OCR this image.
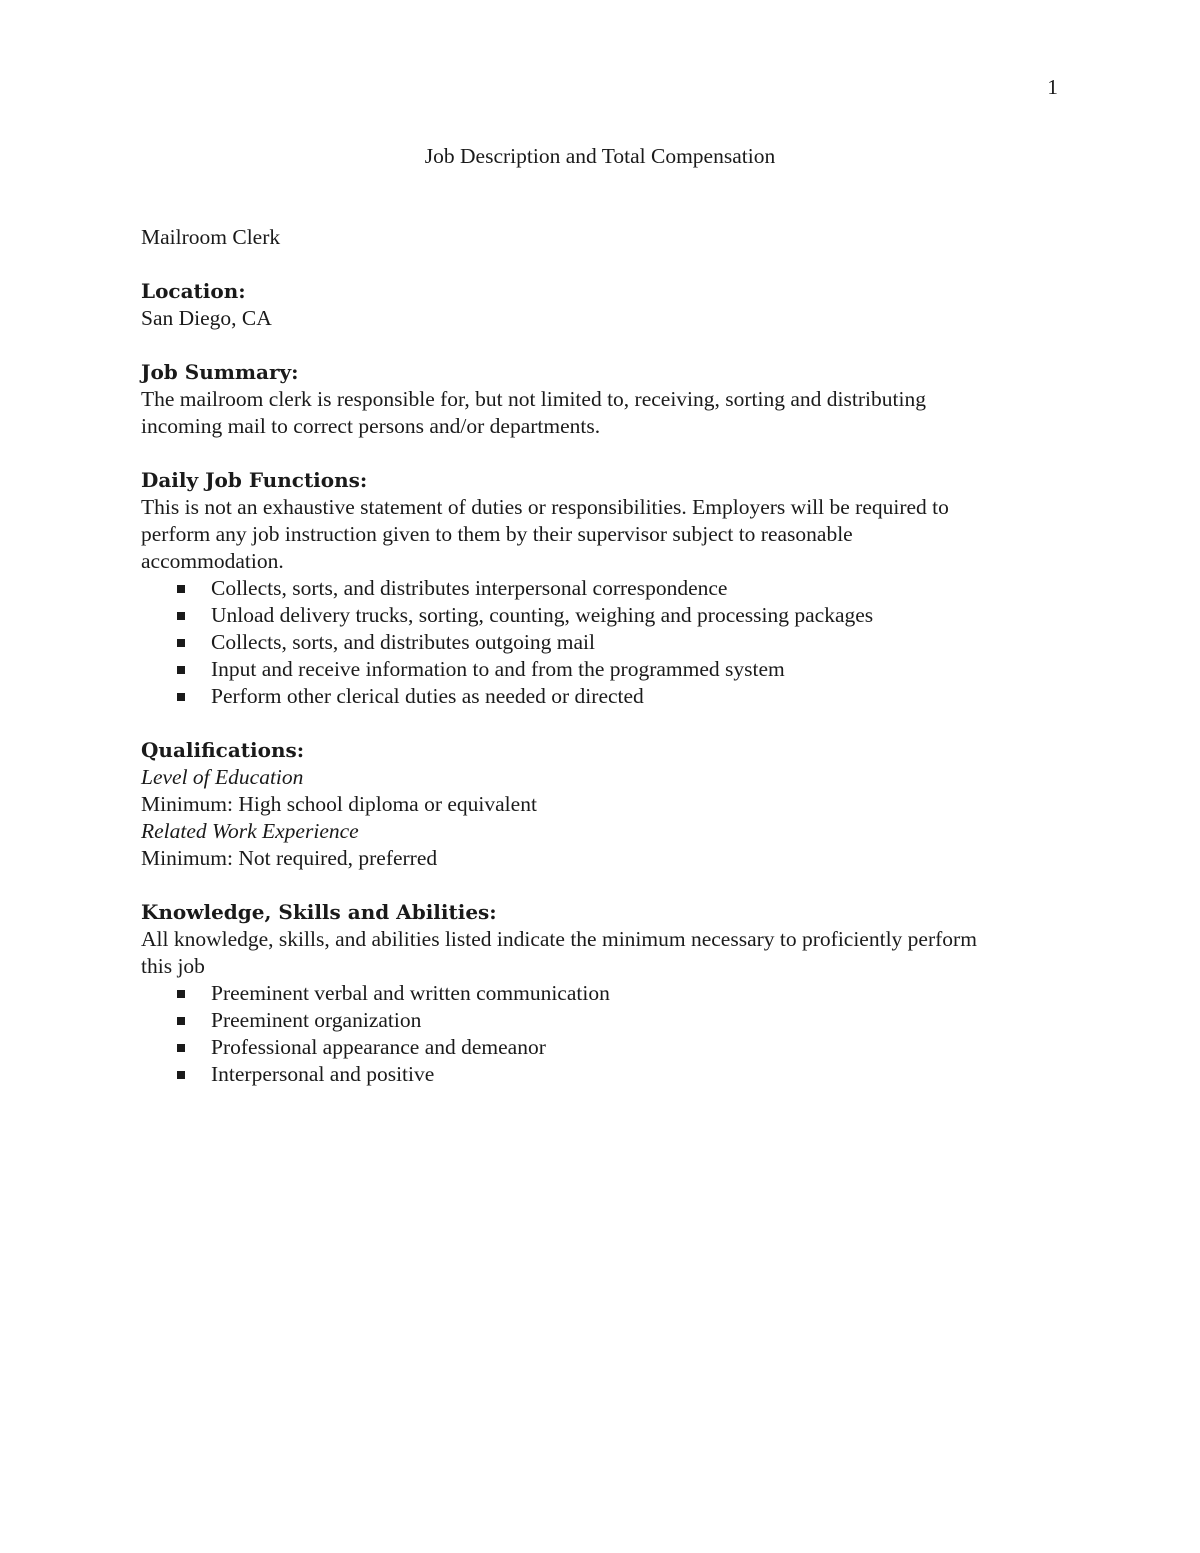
1
Job Description and Total Compensation
Mailroom Clerk
Location:
San Diego, CA
Job Summary:
The mailroom clerk is responsible for, but not limited to, receiving, sorting and distributing
incoming mail to correct persons and/or departments.
Daily Job Functions:
This is not an exhaustive statement of duties or responsibilities. Employers will be required to
perform any job instruction given to them by their supervisor subject to reasonable
accommodation.
Collects, sorts, and distributes interpersonal correspondence
Unload delivery trucks, sorting, counting, weighing and processing packages
Collects, sorts, and distributes outgoing mail
Input and receive information to and from the programmed system
Perform other clerical duties as needed or directed
Qualifications:
Level of Education
Minimum: High school diploma or equivalent
Related Work Experience
Minimum: Not required, preferred
Knowledge, Skills and Abilities:
All knowledge, skills, and abilities listed indicate the minimum necessary to proficiently perform
this job
Preeminent verbal and written communication
Preeminent organization
Professional appearance and demeanor
Interpersonal and positive
